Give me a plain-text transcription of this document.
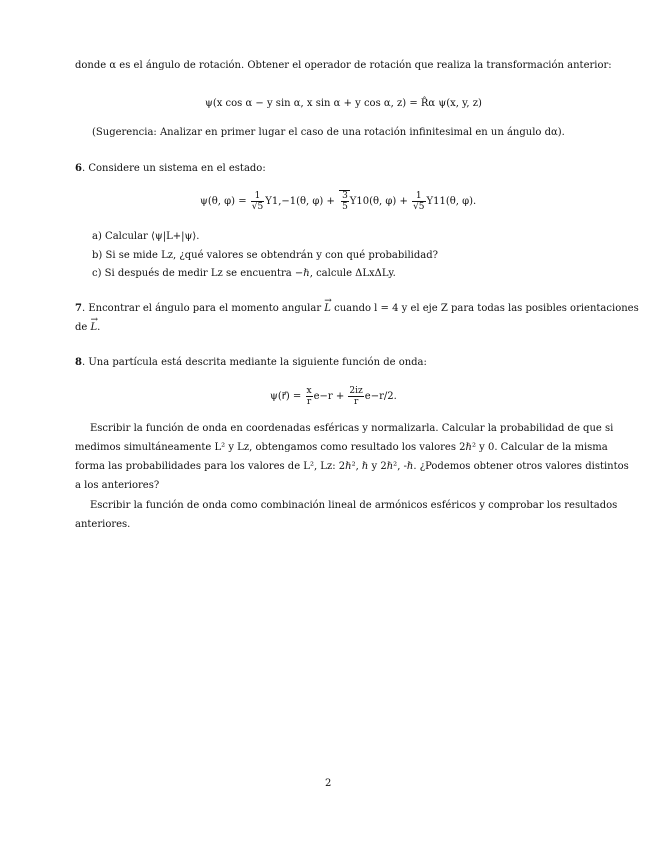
donde α es el ángulo de rotación. Obtener el operador de rotación que realiza la transformación anterior:
ψ(x cos α − y sin α, x sin α + y cos α, z) = R̂α ψ(x, y, z)
(Sugerencia: Analizar en primer lugar el caso de una rotación infinitesimal en un ángulo dα).
6. Considere un sistema en el estado:
ψ(θ, $\varphi) = \frac{1}{√5} Y1,-1(\theta$, $\varphi) + \frac{3}{5} Y10(\theta$, $\varphi) + \frac{1}{√5} Y11(\theta$, φ).
a) Calcular ⟨ψ|L+|ψ⟩.
b) Si se mide Lz, ¿qué valores se obtendrán y con qué probabilidad?
c) Si después de medir Lz se encuentra −ℏ, calcule ΔLxΔLy.
7. Encontrar el ángulo para el momento angular → L cuando l = 4 y el eje Z para todas las posibles orientaciones
de → L.
8. Una partícula está descrita mediante la siguiente función de onda:
ψ(r⃗) = $\frac{x}{r} e-r + \frac{2iz}{r} e-r/2$.
Escribir la función de onda en coordenadas esféricas y normalizarla. Calcular la probabilidad de que si
medimos simultáneamente L² y Lz, obtengamos como resultado los valores 2ℏ² y 0. Calcular de la misma
forma las probabilidades para los valores de L², Lz: 2ℏ², ℏ y 2ℏ², -ℏ. ¿Podemos obtener otros valores distintos
a los anteriores?
Escribir la función de onda como combinación lineal de armónicos esféricos y comprobar los resultados
anteriores.
2
